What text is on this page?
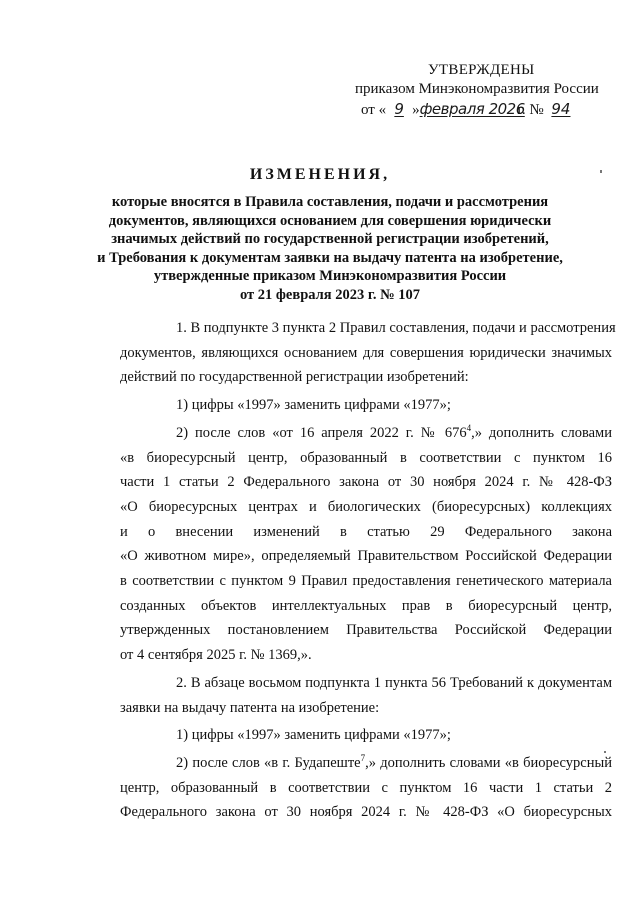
УТВЕРЖДЕНЫ
приказом Минэкономразвития России
от « 9 »февраля 2026 г. № 94
ИЗМЕНЕНИЯ,
которые вносятся в Правила составления, подачи и рассмотрения
документов, являющихся основанием для совершения юридически
значимых действий по государственной регистрации изобретений,
и Требования к документам заявки на выдачу патента на изобретение,
утвержденные приказом Минэкономразвития России
от 21 февраля 2023 г. № 107
1. В подпункте 3 пункта 2 Правил составления, подачи и рассмотрения
документов, являющихся основанием для совершения юридически значимых
действий по государственной регистрации изобретений:
1) цифры «1997» заменить цифрами «1977»;
2) после слов «от 16 апреля 2022 г. № $676^4$,» дополнить словами
«в биоресурсный центр, образованный в соответствии с пунктом 16
части 1 статьи 2 Федерального закона от 30 ноября 2024 г. № 428-ФЗ
«О биоресурсных центрах и биологических (биоресурсных) коллекциях
и о внесении изменений в статью 29 Федерального закона
«О животном мире», определяемый Правительством Российской Федерации
в соответствии с пунктом 9 Правил предоставления генетического материала
созданных объектов интеллектуальных прав в биоресурсный центр,
утвержденных постановлением Правительства Российской Федерации
от 4 сентября 2025 г. № 1369,».
2. В абзаце восьмом подпункта 1 пункта 56 Требований к документам
заявки на выдачу патента на изобретение:
1) цифры «1997» заменить цифрами «1977»;
2) после слов «в г. Будапеште$^7$,» дополнить словами «в биоресурсный
центр, образованный в соответствии с пунктом 16 части 1 статьи 2
Федерального закона от 30 ноября 2024 г. № 428-ФЗ «О биоресурсных
